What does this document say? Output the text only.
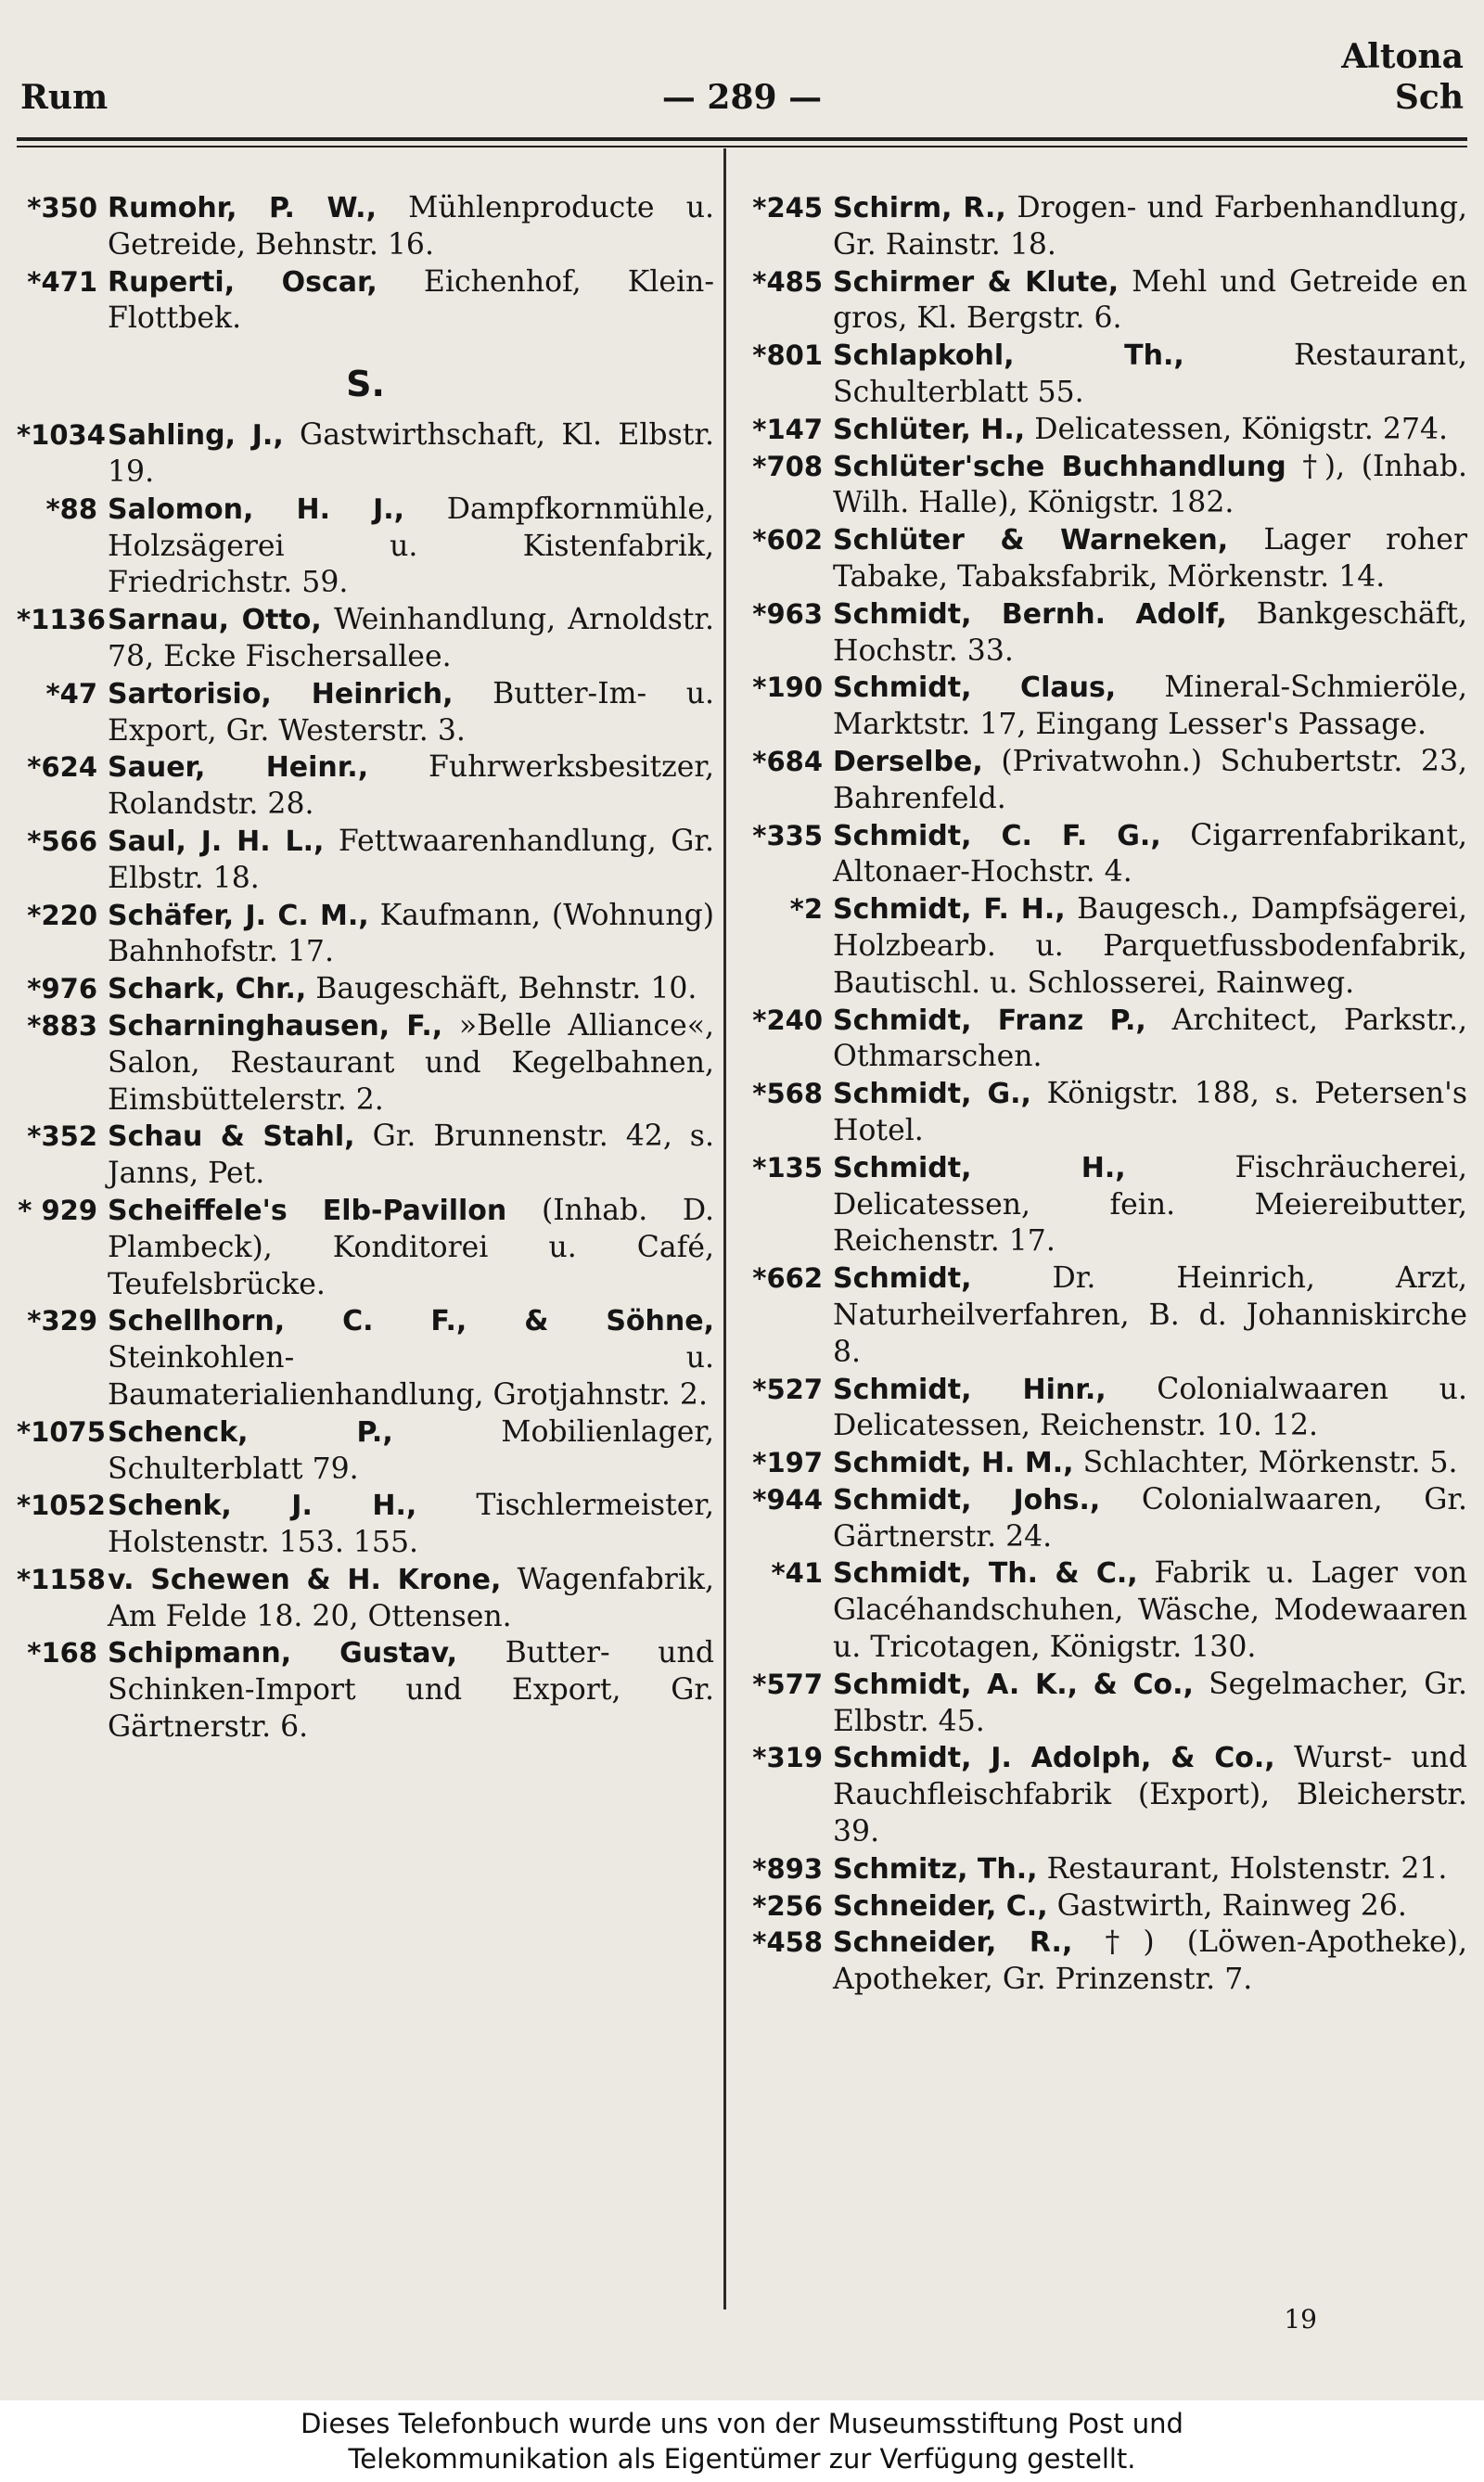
Rum	— 289 —
Altona
Sch
*350 Rumohr, P. W., Mühlenproducte u. Getreide, Behnstr. 16.
*471 Ruperti, Oscar, Eichenhof, Klein-Flottbek.
S.
*1034 Sahling, J., Gastwirthschaft, Kl. Elbstr. 19.
*88 Salomon, H. J., Dampfkornmühle, Holzsägerei u. Kistenfabrik, Friedrichstr. 59.
*1136 Sarnau, Otto, Weinhandlung, Arnoldstr. 78, Ecke Fischersallee.
*47 Sartorisio, Heinrich, Butter-Im- u. Export, Gr. Westerstr. 3.
*624 Sauer, Heinr., Fuhrwerksbesitzer, Rolandstr. 28.
*566 Saul, J. H. L., Fettwaarenhandlung, Gr. Elbstr. 18.
*220 Schäfer, J. C. M., Kaufmann, (Wohnung) Bahnhofstr. 17.
*976 Schark, Chr., Baugeschäft, Behnstr. 10.
*883 Scharninghausen, F., »Belle Alliance«, Salon, Restaurant und Kegelbahnen, Eimsbüttelerstr. 2.
*352 Schau & Stahl, Gr. Brunnenstr. 42, s. Janns, Pet.
* 929 Scheiffele's Elb-Pavillon (Inhab. D. Plambeck), Konditorei u. Café, Teufelsbrücke.
*329 Schellhorn, C. F., & Söhne, Steinkohlen- u. Baumaterialienhandlung, Grotjahnstr. 2.
*1075 Schenck, P.,	Mobilienlager, Schulterblatt 79.
*1052 Schenk, J. H., Tischlermeister, Holstenstr. 153. 155.
*1158 v. Schewen & H. Krone, Wagenfabrik, Am Felde 18. 20, Ottensen.
*168 Schipmann, Gustav, Butter- und Schinken-Import und Export, Gr. Gärtnerstr. 6.
*245 Schirm, R., Drogen- und Farbenhandlung, Gr. Rainstr. 18.
*485 Schirmer & Klute, Mehl und Getreide en gros, Kl. Bergstr. 6.
*801 Schlapkohl, Th.,	Restaurant, Schulterblatt 55.
*147 Schlüter, H., Delicatessen, Königstr. 274.
*708 Schlüter'sche Buchhandlung †), (Inhab. Wilh. Halle), Königstr. 182.
*602 Schlüter & Warneken, Lager roher Tabake, Tabaksfabrik, Mörkenstr. 14.
*963 Schmidt, Bernh. Adolf, Bankgeschäft, Hochstr. 33.
*190 Schmidt, Claus, Mineral-Schmieröle, Marktstr. 17, Eingang Lesser's Passage.
*684 Derselbe, (Privatwohn.) Schubertstr. 23, Bahrenfeld.
*335 Schmidt, C. F. G., Cigarrenfabrikant, Altonaer-Hochstr. 4.
*2 Schmidt, F. H., Baugesch., Dampfsägerei, Holzbearb. u. Parquetfussbodenfabrik, Bautischl. u. Schlosserei, Rainweg.
*240 Schmidt, Franz P., Architect, Parkstr., Othmarschen.
*568 Schmidt, G., Königstr. 188, s. Petersen's Hotel.
*135 Schmidt, H.,	Fischräucherei, Delicatessen, fein. Meiereibutter, Reichenstr. 17.
*662 Schmidt,	Dr. Heinrich, Arzt, Naturheilverfahren, B. d. Johanniskirche 8.
*527 Schmidt, Hinr., Colonialwaaren u. Delicatessen, Reichenstr. 10. 12.
*197 Schmidt, H. M., Schlachter, Mörkenstr. 5.
*944 Schmidt, Johs., Colonialwaaren, Gr. Gärtnerstr. 24.
*41 Schmidt, Th. & C., Fabrik u. Lager von Glacéhandschuhen, Wäsche, Modewaaren u. Tricotagen, Königstr. 130.
*577 Schmidt, A. K., & Co., Segelmacher, Gr. Elbstr. 45.
*319 Schmidt, J. Adolph, & Co., Wurst- und Rauchfleischfabrik (Export), Bleicherstr. 39.
*893 Schmitz, Th., Restaurant, Holstenstr. 21.
*256 Schneider, C., Gastwirth, Rainweg 26.
*458 Schneider, R., †) (Löwen-Apotheke), Apotheker, Gr. Prinzenstr. 7.
19
Dieses Telefonbuch wurde uns von der Museumsstiftung Post und
Telekommunikation als Eigentümer zur Verfügung gestellt.
